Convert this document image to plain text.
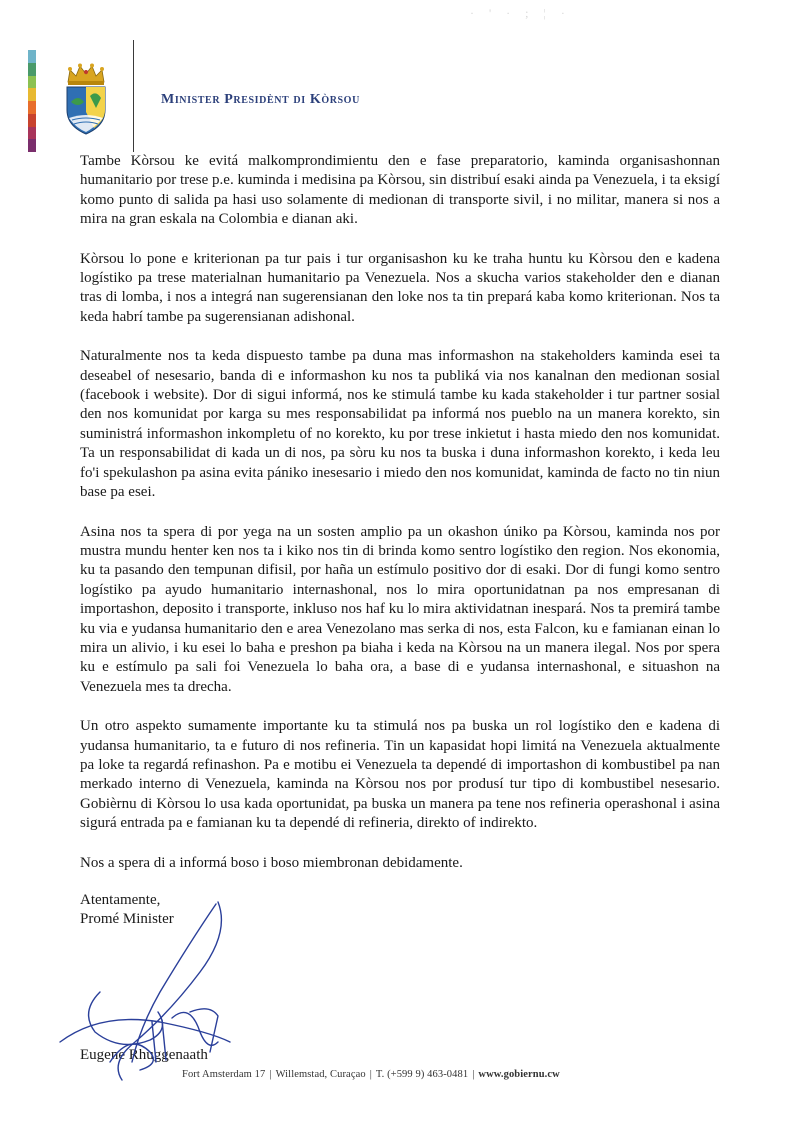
· ' · ; ¦ ·
Minister Presidènt di Kòrsou

Tambe Kòrsou ke evitá malkomprondimientu den e fase preparatorio, kaminda organisashonnan humanitario por trese p.e. kuminda i medisina pa Kòrsou, sin distribuí esaki ainda pa Venezuela, i ta eksigí komo punto di salida pa hasi uso solamente di medionan di transporte sivil, i no militar, manera si nos a mira na gran eskala na Colombia e dianan aki.

Kòrsou lo pone e kriterionan pa tur pais i tur organisashon ku ke traha huntu ku Kòrsou den e kadena logístiko pa trese materialnan humanitario pa Venezuela. Nos a skucha varios stakeholder den e dianan tras di lomba, i nos a integrá nan sugerensianan den loke nos ta tin prepará kaba komo kriterionan. Nos ta keda habrí tambe pa sugerensianan adishonal.

Naturalmente nos ta keda dispuesto tambe pa duna mas informashon na stakeholders kaminda esei ta deseabel of nesesario, banda di e informashon ku nos ta publiká via nos kanalnan den medionan sosial (facebook i website). Dor di sigui informá, nos ke stimulá tambe ku kada stakeholder i tur partner sosial den nos komunidat por karga su mes responsabilidat pa informá nos pueblo na un manera korekto, sin suministrá informashon inkompletu of no korekto, ku por trese inkietut i hasta miedo den nos komunidat. Ta un responsabilidat di kada un di nos, pa sòru ku nos ta buska i duna informashon korekto, i keda leu fo'i spekulashon pa asina evita pániko inesesario i miedo den nos komunidat, kaminda de facto no tin niun base pa esei.

Asina nos ta spera di por yega na un sosten amplio pa un okashon úniko pa Kòrsou, kaminda nos por mustra mundu henter ken nos ta i kiko nos tin di brinda komo sentro logístiko den region. Nos ekonomia, ku ta pasando den tempunan difisil, por haña un estímulo positivo dor di esaki. Dor di fungi komo sentro logístiko pa ayudo humanitario internashonal, nos lo mira oportunidatnan pa nos empresanan di importashon, deposito i transporte, inkluso nos haf ku lo mira aktividatnan inespará. Nos ta premirá tambe ku via e yudansa humanitario den e area Venezolano mas serka di nos, esta Falcon, ku e famianan einan lo mira un alivio, i ku esei lo baha e preshon pa biaha i keda na Kòrsou na un manera ilegal. Nos por spera ku e estímulo pa sali foi Venezuela lo baha ora, a base di e yudansa internashonal, e situashon na Venezuela mes ta drecha.

Un otro aspekto sumamente importante ku ta stimulá nos pa buska un rol logístiko den e kadena di yudansa humanitario, ta e futuro di nos refineria. Tin un kapasidat hopi limitá na Venezuela aktualmente pa loke ta regardá refinashon. Pa e motibu ei Venezuela ta dependé di importashon di kombustibel pa nan merkado interno di Venezuela, kaminda na Kòrsou nos por produsí tur tipo di kombustibel nesesario. Gobièrnu di Kòrsou lo usa kada oportunidat, pa buska un manera pa tene nos refineria operashonal i asina sigurá entrada pa e famianan ku ta dependé di refineria, direkto of indirekto.

Nos a spera di a informá boso i boso miembronan debidamente.

Atentamente,

Promé Minister

Eugene Rhuggenaath
Fort Amsterdam 17 | Willemstad, Curaçao | T. (+599 9) 463-0481 | www.gobiernu.cw
